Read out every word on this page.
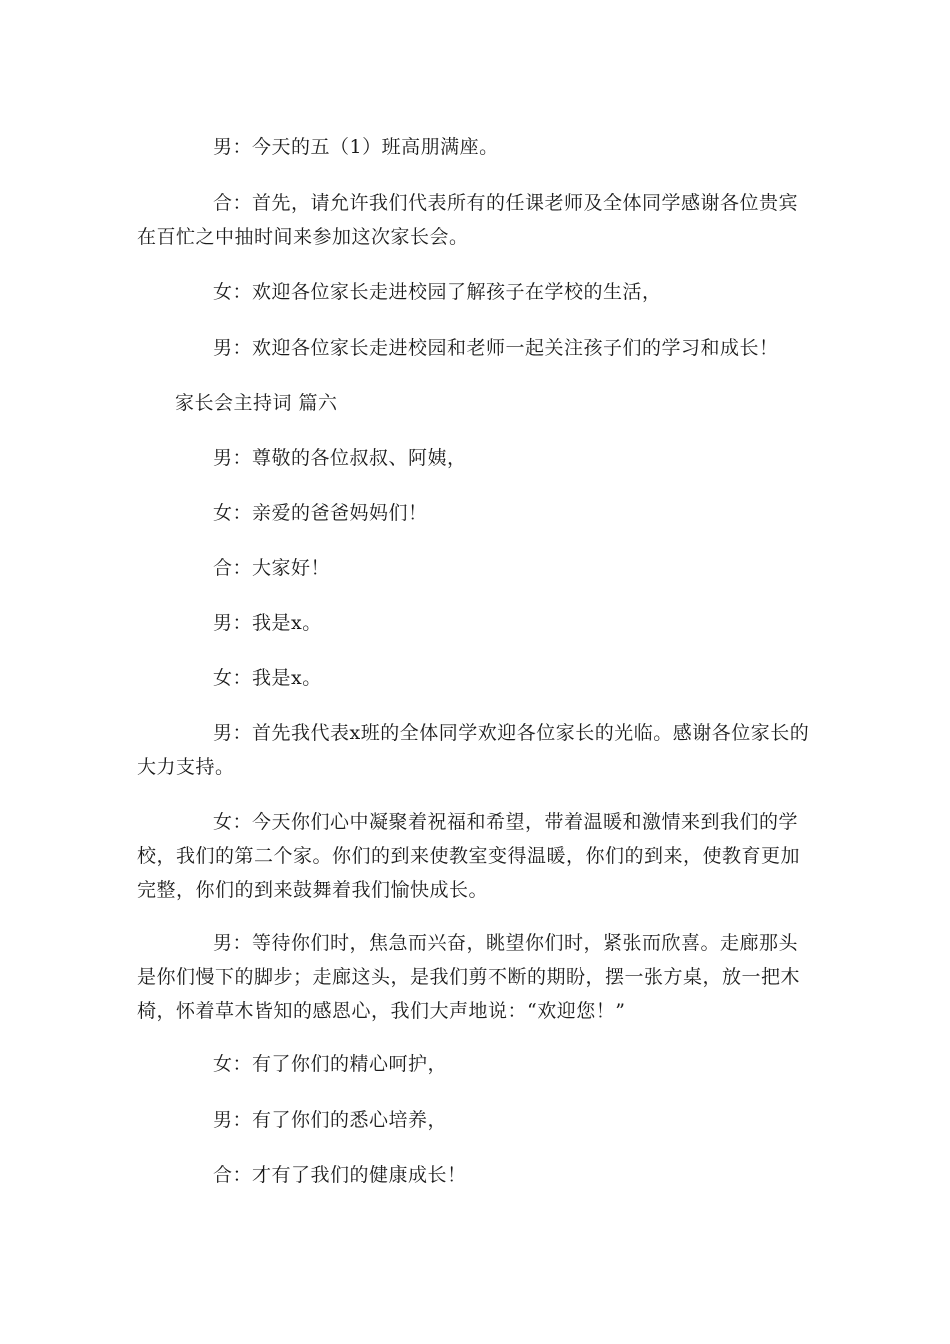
男：今天的五（1）班高朋满座。

合：首先，请允许我们代表所有的任课老师及全体同学感谢各位贵宾在百忙之中抽时间来参加这次家长会。

女：欢迎各位家长走进校园了解孩子在学校的生活，

男：欢迎各位家长走进校园和老师一起关注孩子们的学习和成长！

家长会主持词 篇六

男：尊敬的各位叔叔、阿姨，

女：亲爱的爸爸妈妈们！

合：大家好！

男：我是x。

女：我是x。

男：首先我代表x班的全体同学欢迎各位家长的光临。感谢各位家长的大力支持。

女：今天你们心中凝聚着祝福和希望，带着温暖和激情来到我们的学校，我们的第二个家。你们的到来使教室变得温暖，你们的到来，使教育更加完整，你们的到来鼓舞着我们愉快成长。

男：等待你们时，焦急而兴奋，眺望你们时，紧张而欣喜。走廊那头是你们慢下的脚步；走廊这头，是我们剪不断的期盼，摆一张方桌，放一把木椅，怀着草木皆知的感恩心，我们大声地说：“欢迎您！”

女：有了你们的精心呵护，

男：有了你们的悉心培养，

合：才有了我们的健康成长！
